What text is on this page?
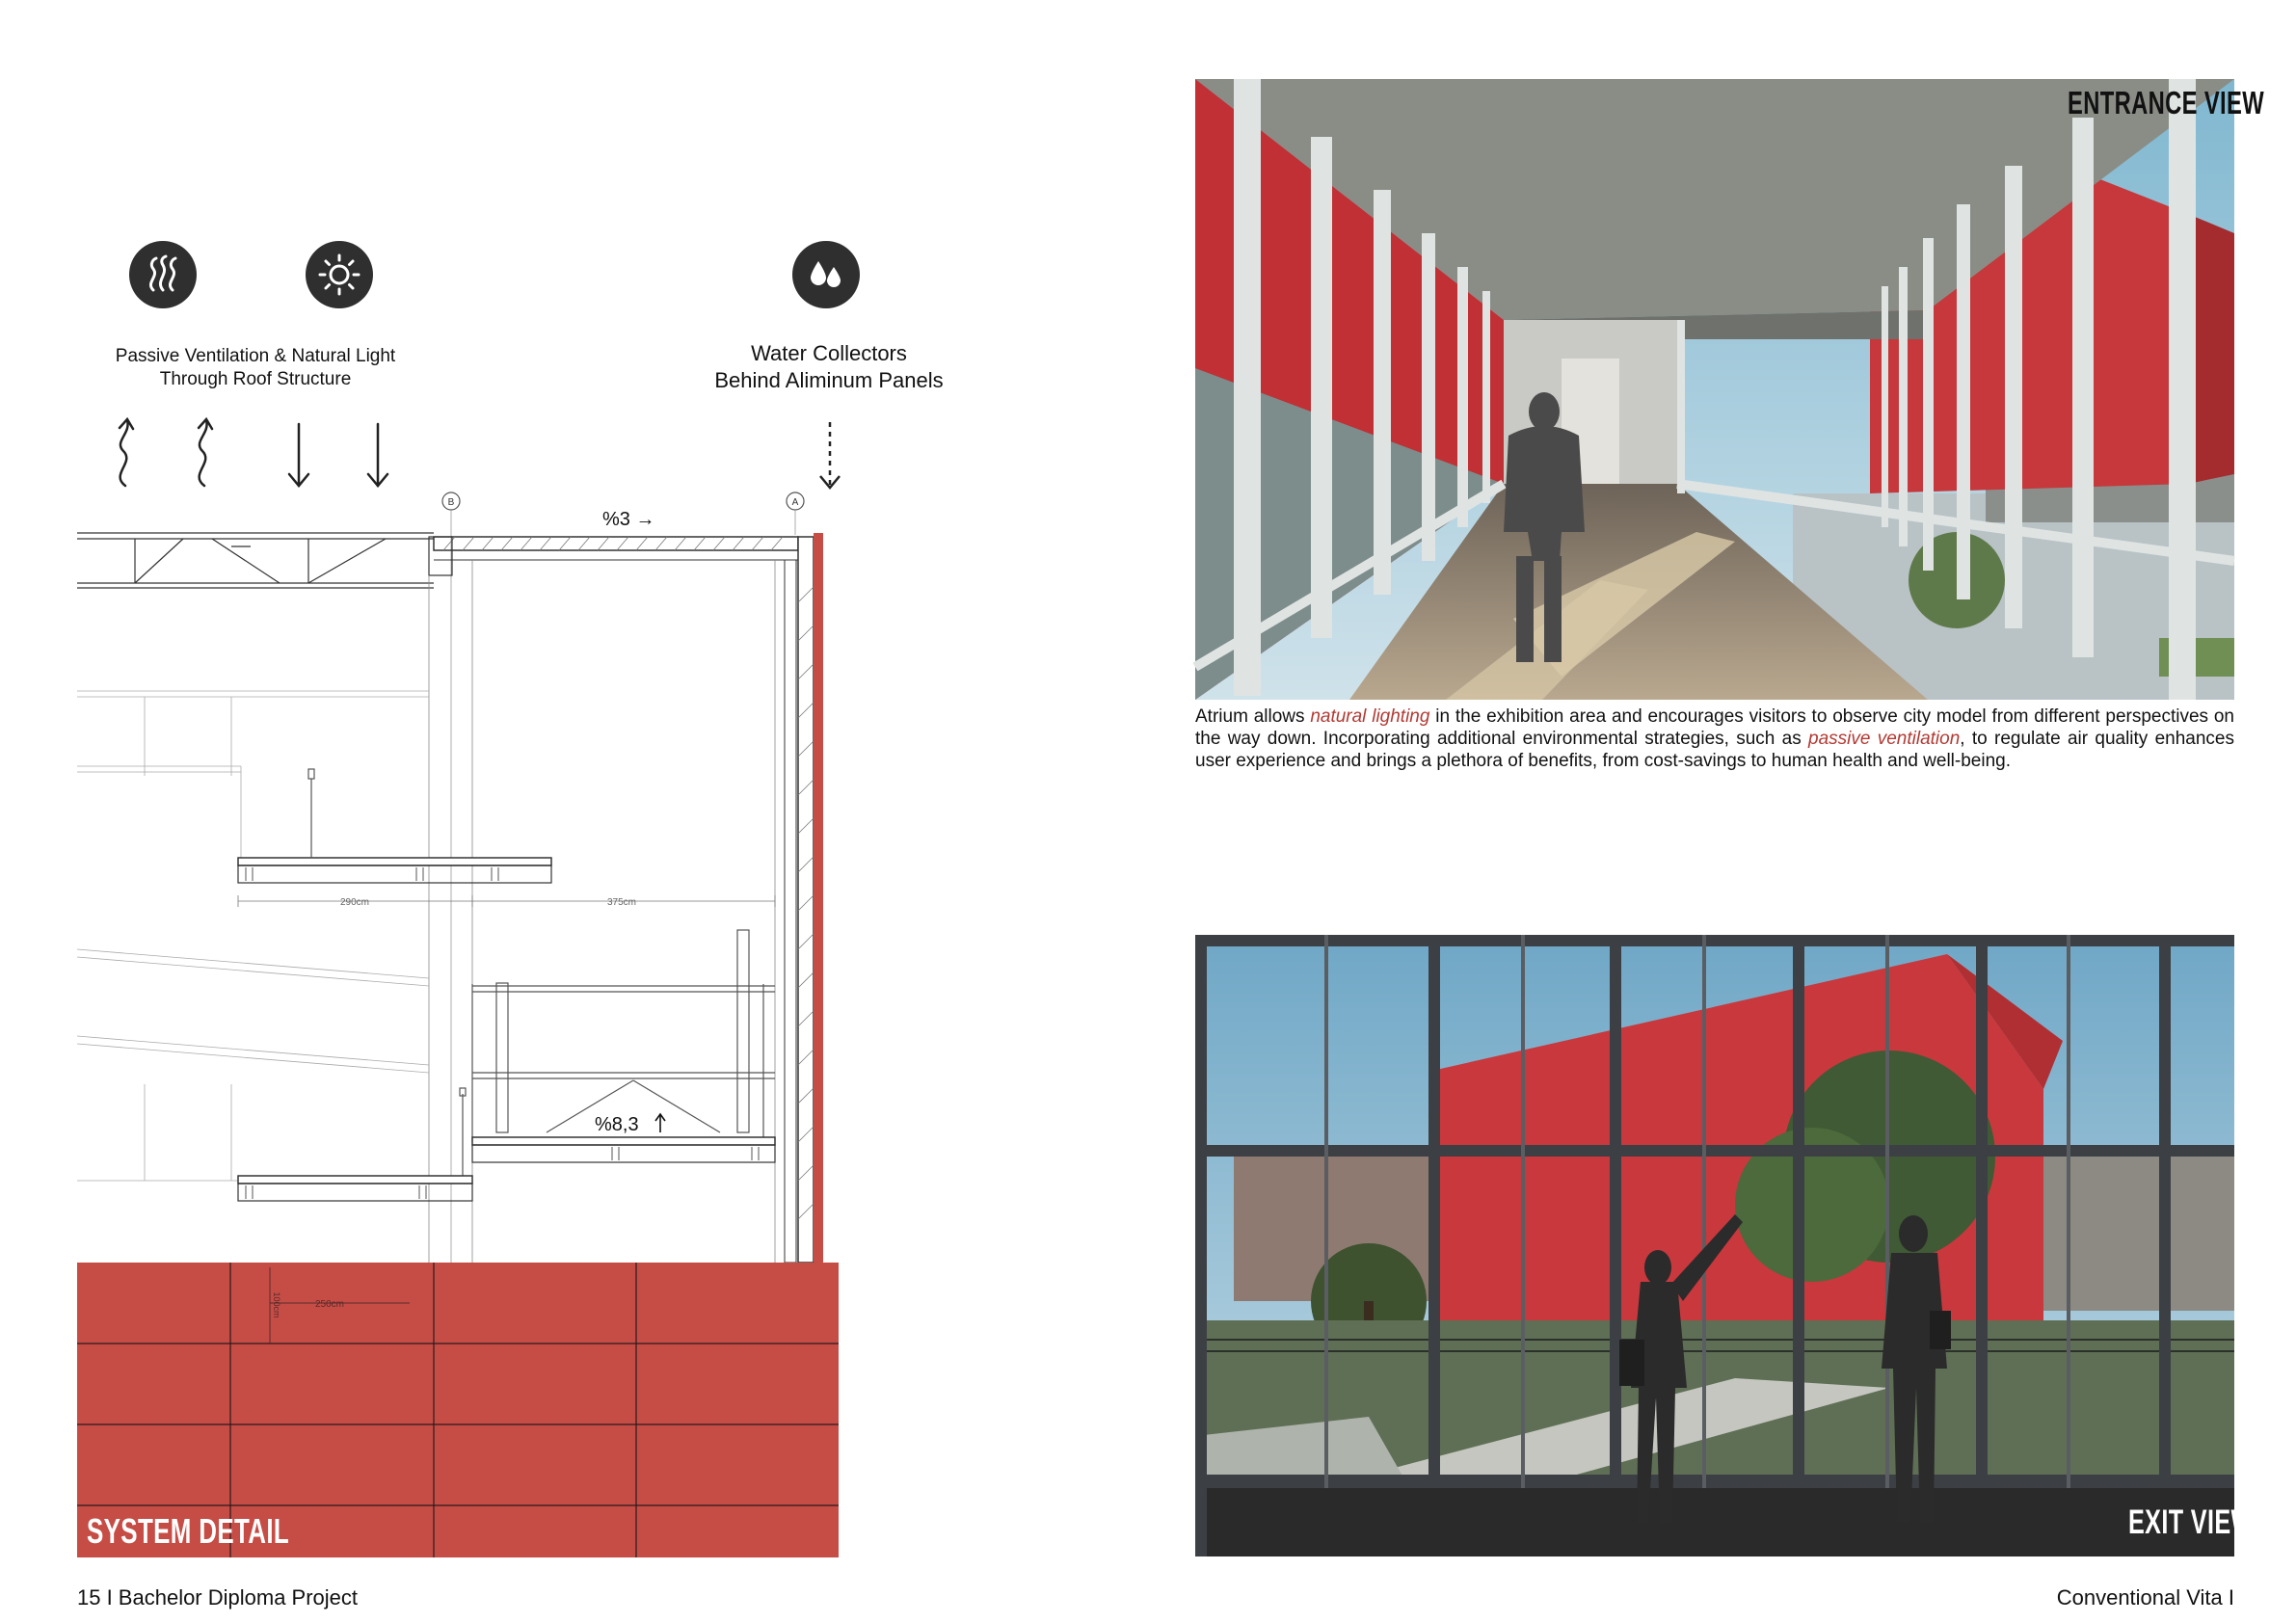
Passive Ventilation & Natural Light
Through Roof Structure
Water Collectors
Behind Aliminum Panels
B	A
%3 →
290cm	375cm
%8,3
250cm
100cm
SYSTEM DETAIL
15 I Bachelor Diploma Project
ENTRANCE VIEW
Atrium allows natural lighting in the exhibition area and encourages visitors to observe city model from different perspectives on the way down. Incorporating additional environmental strategies, such as passive ventilation, to regulate air quality enhances user experience and brings a plethora of benefits, from cost-savings to human health and well-being.
EXIT VIEW
Conventional Vita I
